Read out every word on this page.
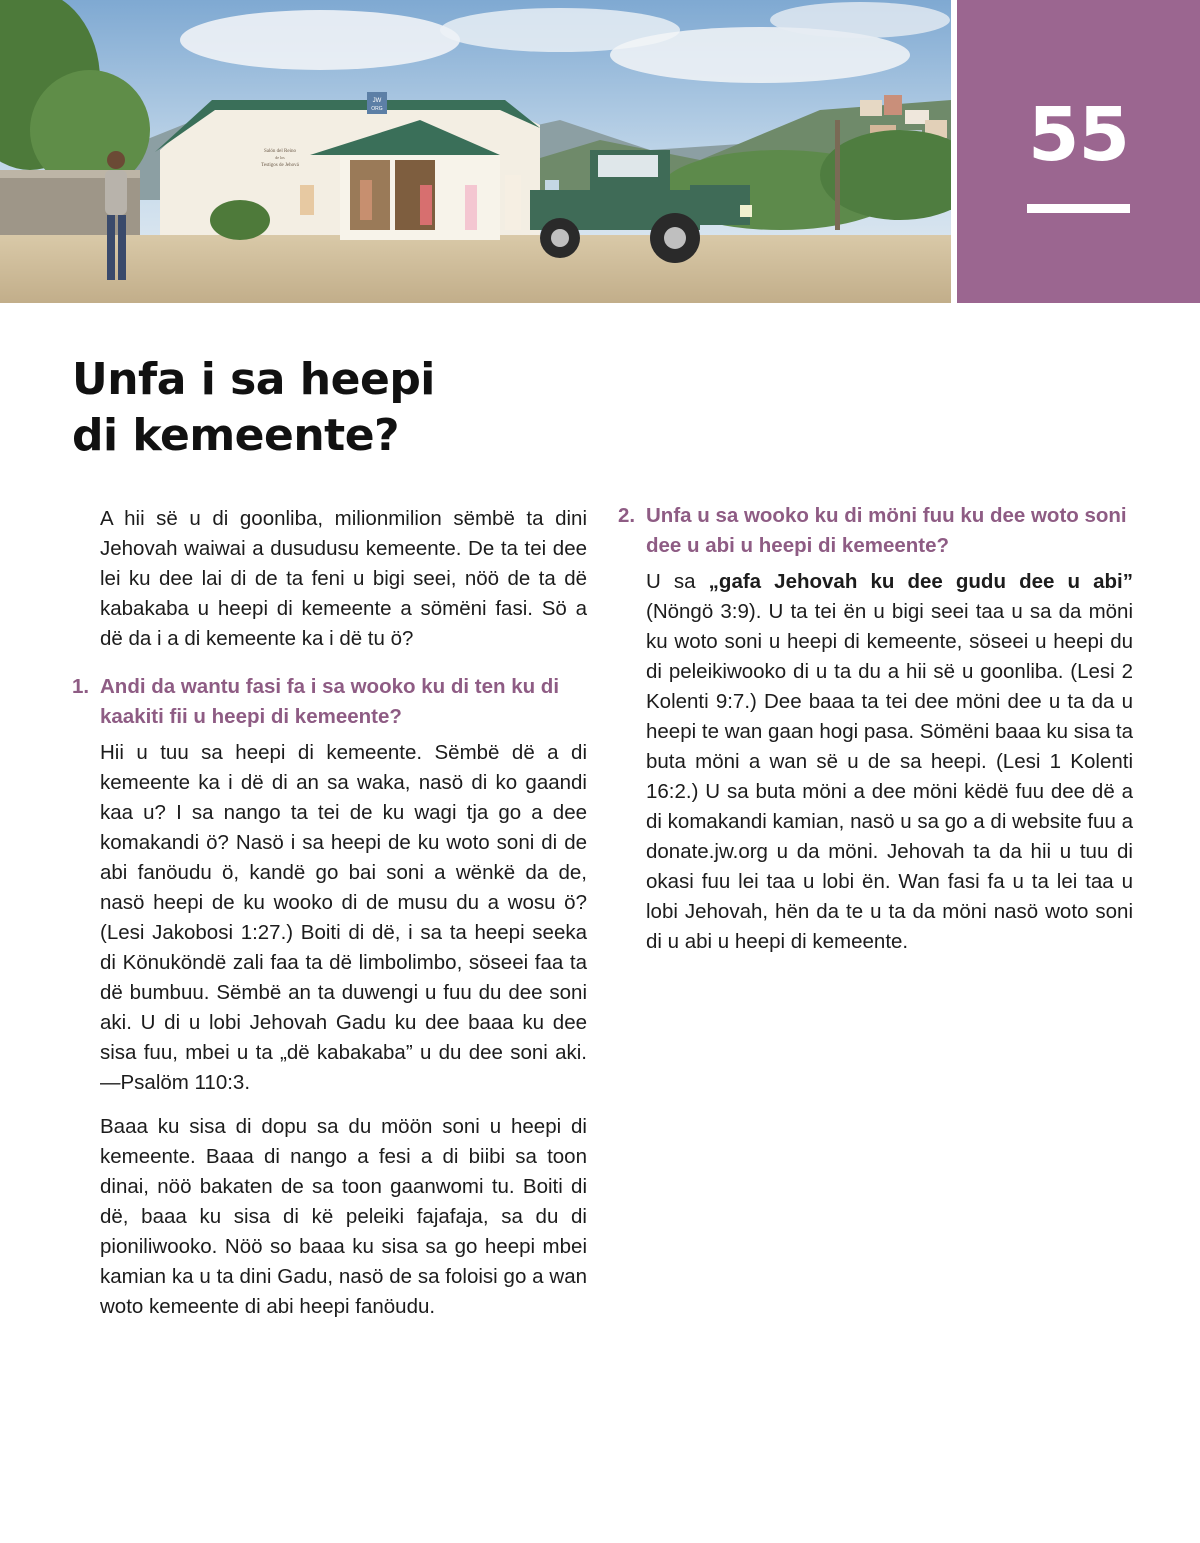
JW
ORG
Salón del Reino
de los
Testigos de Jehová	55
Unfa i sa heepi
di kemeente?

A hii së u di goonliba, milionmilion sëmbë ta dini Jehovah waiwai a dusudusu kemeente. De ta tei dee lei ku dee lai di de ta feni u bigi seei, nöö de ta dë kabakaba u heepi di kemeente a sömëni fasi. Sö a dë da i a di kemeente ka i dë tu ö?

1. Andi da wantu fasi fa i sa wooko ku di ten ku di kaakiti fii u heepi di kemeente?

Hii u tuu sa heepi di kemeente. Sëmbë dë a di kemeente ka i dë di an sa waka, nasö di ko gaandi kaa u? I sa nango ta tei de ku wagi tja go a dee komakandi ö? Nasö i sa heepi de ku woto soni di de abi fanöudu ö, kandë go bai soni a wënkë da de, nasö heepi de ku wooko di de musu du a wosu ö? (Lesi Jakobosi 1:27.) Boiti di dë, i sa ta heepi seeka di Könuköndë zali faa ta dë limbolimbo, söseei faa ta dë bumbuu. Sëmbë an ta duwengi u fuu du dee soni aki. U di u lobi Jehovah Gadu ku dee baaa ku dee sisa fuu, mbei u ta „dë kabakaba” u du dee soni aki. —Psalöm 110:3.

Baaa ku sisa di dopu sa du möön soni u heepi di kemeente. Baaa di nango a fesi a di biibi sa toon dinai, nöö bakaten de sa toon gaanwomi tu. Boiti di dë, baaa ku sisa di kë peleiki fajafaja, sa du di pioniliwooko. Nöö so baaa ku sisa sa go heepi mbei kamian ka u ta dini Gadu, nasö de sa foloisi go a wan woto kemeente di abi heepi fanöudu.

2. Unfa u sa wooko ku di möni fuu ku dee woto soni dee u abi u heepi di kemeente?

U sa „gafa Jehovah ku dee gudu dee u abi” (Nöngö 3:9). U ta tei ën u bigi seei taa u sa da möni ku woto soni u heepi di kemeente, söseei u heepi du di peleikiwooko di u ta du a hii së u goonliba. (Lesi 2 Kolenti 9:7.) Dee baaa ta tei dee möni dee u ta da u heepi te wan gaan hogi pasa. Sömëni baaa ku sisa ta buta möni a wan së u de sa heepi. (Lesi 1 Kolenti 16:2.) U sa buta möni a dee möni këdë fuu dee dë a di komakandi kamian, nasö u sa go a di website fuu a donate.jw.org u da möni. Jehovah ta da hii u tuu di okasi fuu lei taa u lobi ën. Wan fasi fa u ta lei taa u lobi Jehovah, hën da te u ta da möni nasö woto soni di u abi u heepi di kemeente.
